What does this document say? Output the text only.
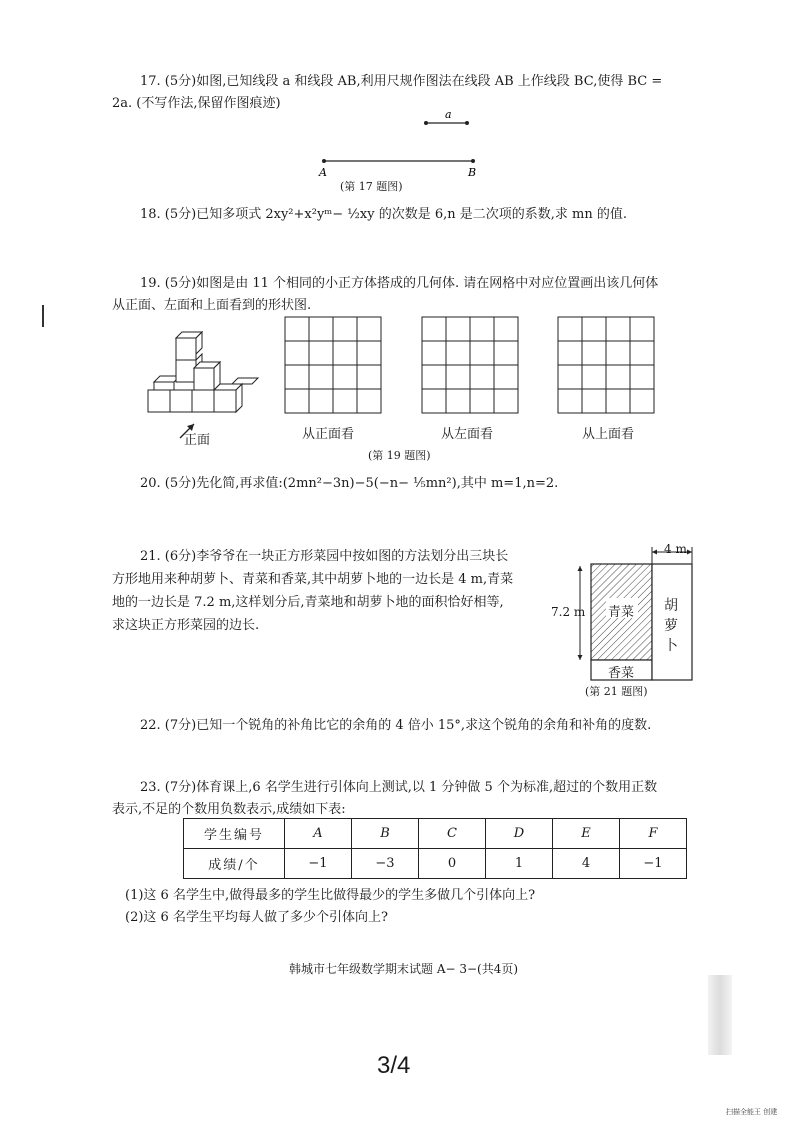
17. (5分)如图,已知线段 a 和线段 AB,利用尺规作图法在线段 AB 上作线段 BC,使得 BC =
2a. (不写作法,保留作图痕迹)
a
A	B
(第 17 题图)
18. (5分)已知多项式 2xy²+x²yᵐ− ½xy 的次数是 6,n 是二次项的系数,求 mn 的值.
19. (5分)如图是由 11 个相同的小正方体搭成的几何体. 请在网格中对应位置画出该几何体
从正面、左面和上面看到的形状图.
正面	从正面看	从左面看	从上面看
(第 19 题图)
20. (5分)先化简,再求值:(2mn²−3n)−5(−n− ⅕mn²),其中 m=1,n=2.
21. (6分)李爷爷在一块正方形菜园中按如图的方法划分出三块长
方形地用来种胡萝卜、青菜和香菜,其中胡萝卜地的一边长是 4 m,青菜
地的一边长是 7.2 m,这样划分后,青菜地和胡萝卜地的面积恰好相等,
求这块正方形菜园的边长.
4 m
7.2 m 青菜 胡萝卜
香菜
(第 21 题图)
22. (7分)已知一个锐角的补角比它的余角的 4 倍小 15°,求这个锐角的余角和补角的度数.
23. (7分)体育课上,6 名学生进行引体向上测试,以 1 分钟做 5 个为标准,超过的个数用正数
表示,不足的个数用负数表示,成绩如下表:
学生编号	A	B	C	D	E	F
成绩/个	−1	−3	0	1	4	−1
(1)这 6 名学生中,做得最多的学生比做得最少的学生多做几个引体向上?
(2)这 6 名学生平均每人做了多少个引体向上?
韩城市七年级数学期末试题 A− 3−(共4页)
3/4
扫描全能王 创建
